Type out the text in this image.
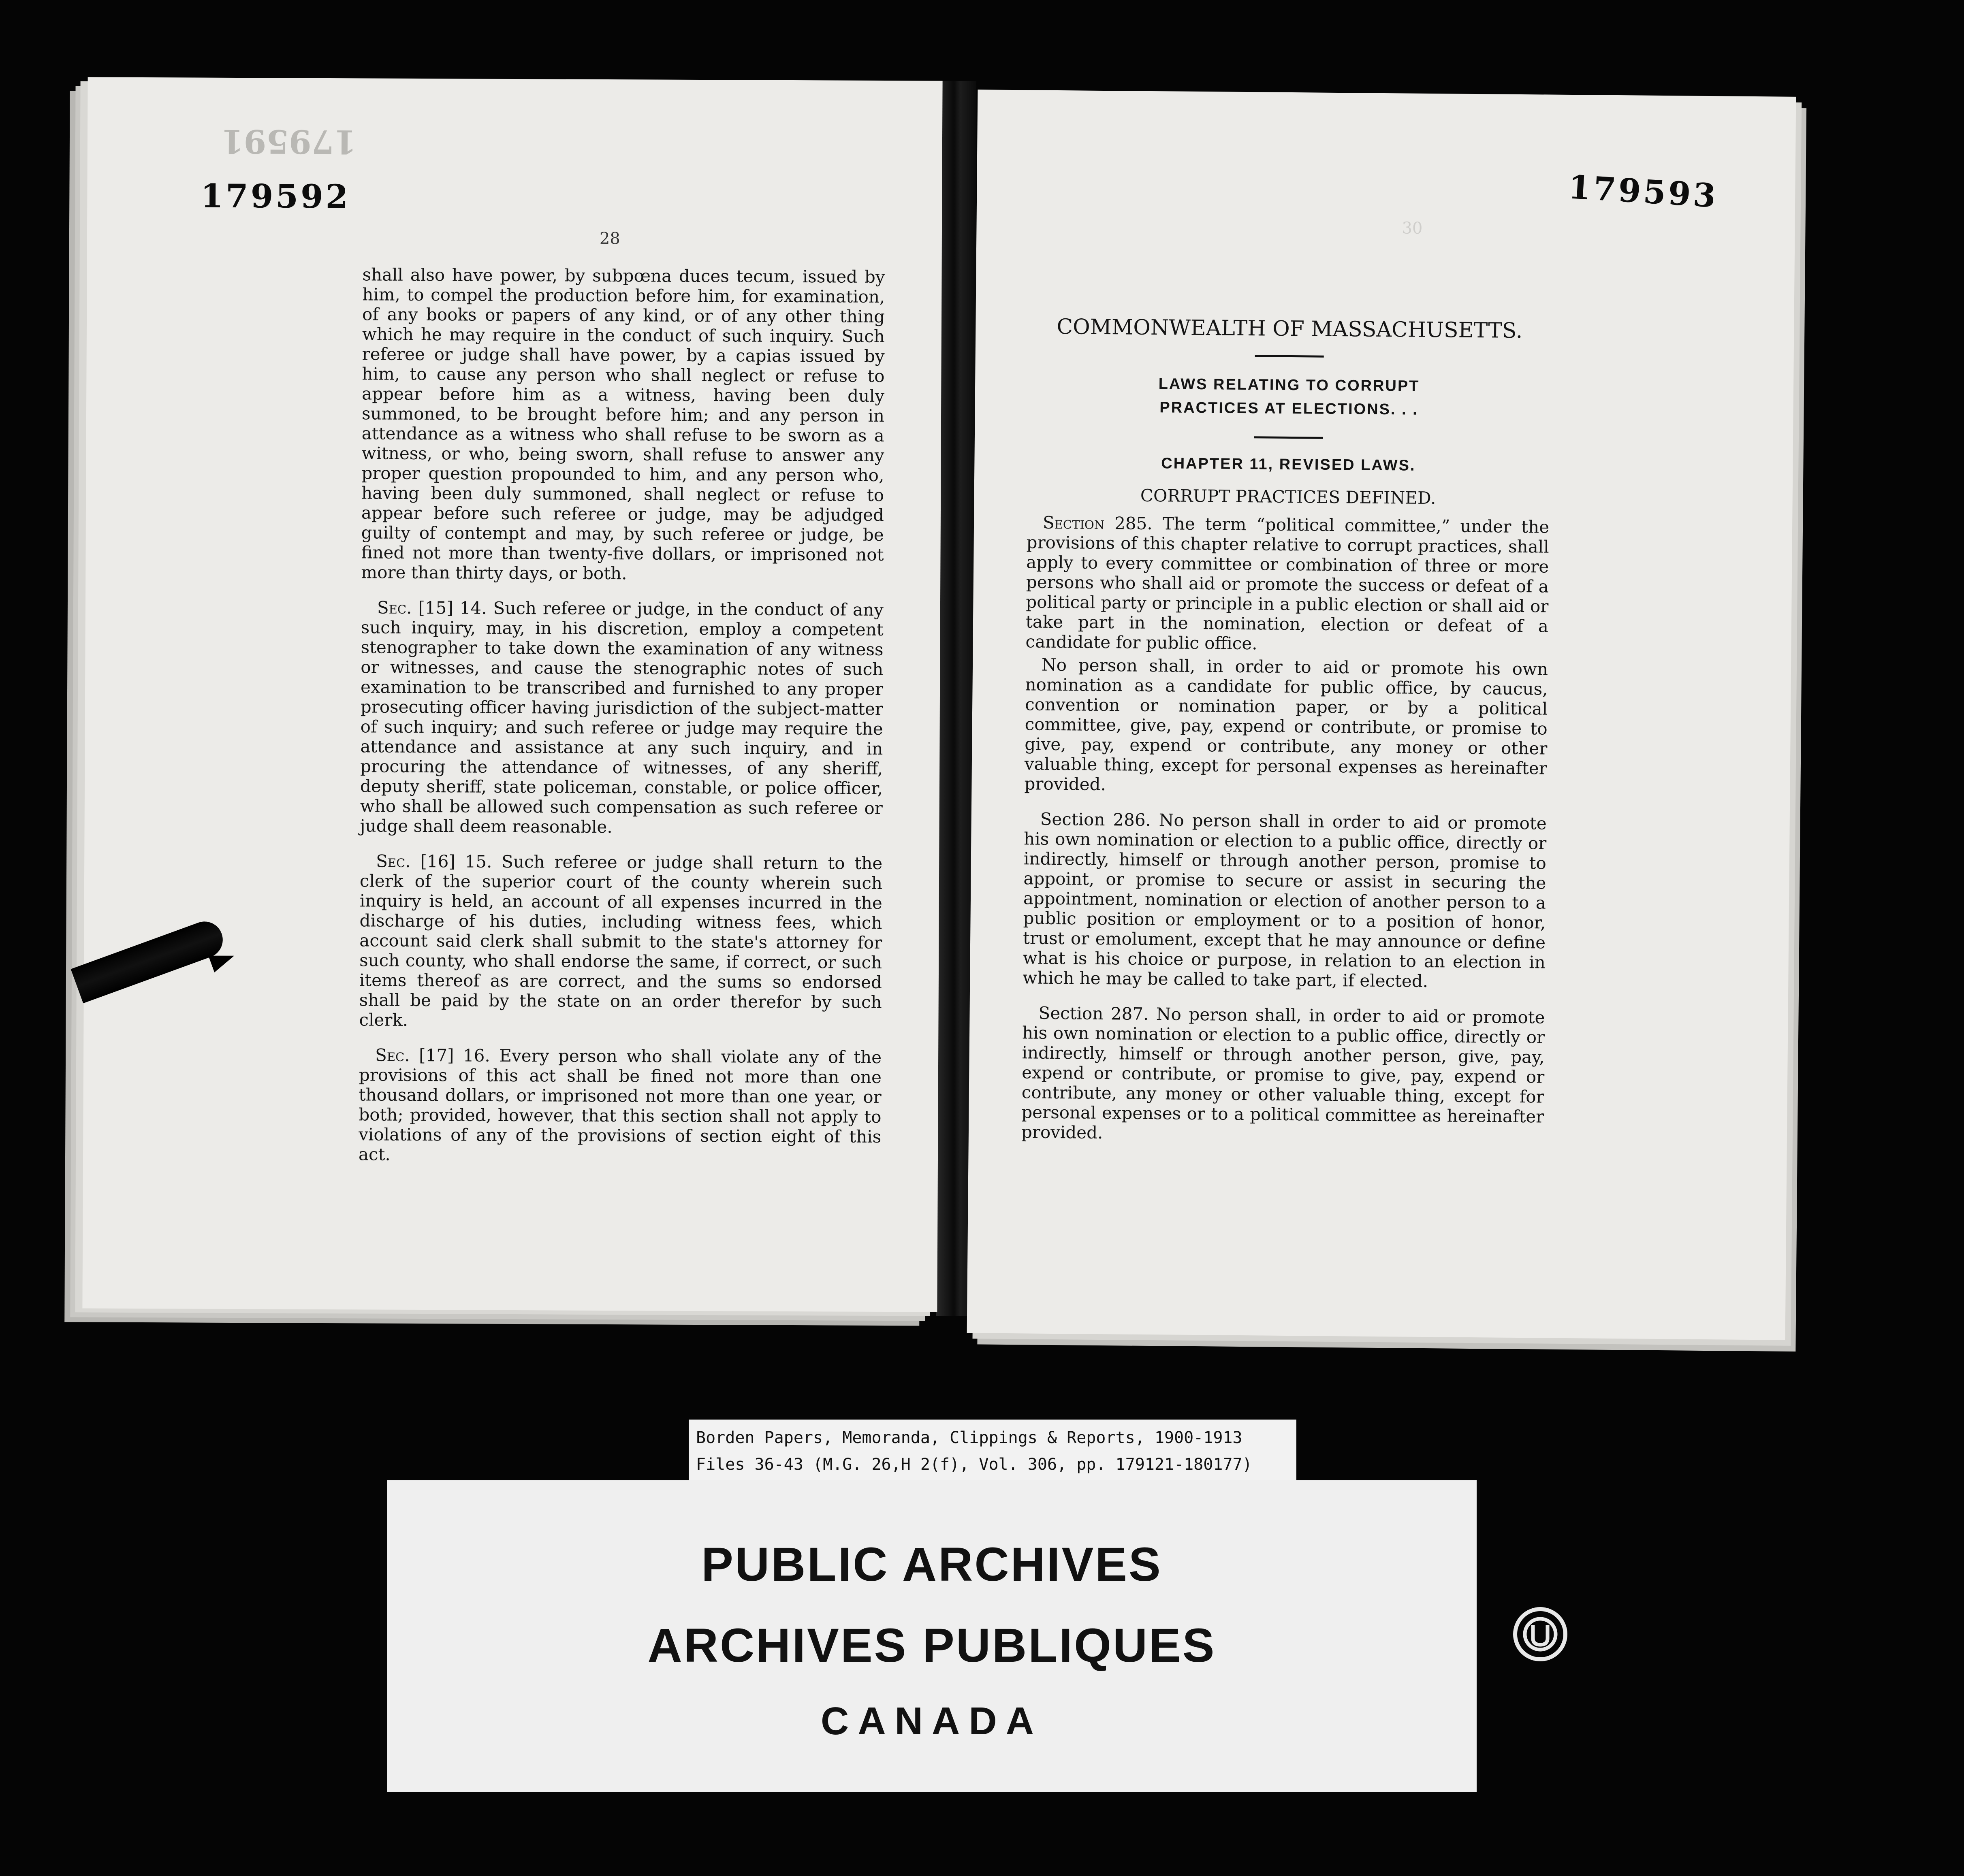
179591
179592
28

shall also have power, by subpœna duces tecum, issued by him, to compel the production before him, for examination, of any books or papers of any kind, or of any other thing which he may require in the conduct of such inquiry. Such referee or judge shall have power, by a capias issued by him, to cause any person who shall neglect or refuse to appear before him as a witness, having been duly summoned, to be brought before him; and any person in attendance as a witness who shall refuse to be sworn as a witness, or who, being sworn, shall refuse to answer any proper question propounded to him, and any person who, having been duly summoned, shall neglect or refuse to appear before such referee or judge, may be adjudged guilty of contempt and may, by such referee or judge, be fined not more than twenty-five dollars, or imprisoned not more than thirty days, or both.

Sec. [15] 14. Such referee or judge, in the conduct of any such inquiry, may, in his discretion, employ a competent stenographer to take down the examination of any witness or witnesses, and cause the stenographic notes of such examination to be transcribed and furnished to any proper prosecuting officer having jurisdiction of the subject-matter of such inquiry; and such referee or judge may require the attendance and assistance at any such inquiry, and in procuring the attendance of witnesses, of any sheriff, deputy sheriff, state policeman, constable, or police officer, who shall be allowed such compensation as such referee or judge shall deem reasonable.

Sec. [16] 15. Such referee or judge shall return to the clerk of the superior court of the county wherein such inquiry is held, an account of all expenses incurred in the discharge of his duties, including witness fees, which account said clerk shall submit to the state's attorney for such county, who shall endorse the same, if correct, or such items thereof as are correct, and the sums so endorsed shall be paid by the state on an order therefor by such clerk.

Sec. [17] 16. Every person who shall violate any of the provisions of this act shall be fined not more than one thousand dollars, or imprisoned not more than one year, or both; provided, however, that this section shall not apply to violations of any of the provisions of section eight of this act.

179593
30

COMMONWEALTH OF MASSACHUSETTS.

LAWS RELATING TO CORRUPT

PRACTICES AT ELECTIONS. . .

CHAPTER 11, REVISED LAWS.

CORRUPT PRACTICES DEFINED.

Section 285. The term “political committee,” under the provisions of this chapter relative to corrupt practices, shall apply to every committee or combination of three or more persons who shall aid or promote the success or defeat of a political party or principle in a public election or shall aid or take part in the nomination, election or defeat of a candidate for public office.

No person shall, in order to aid or promote his own nomination as a candidate for public office, by caucus, convention or nomination paper, or by a political committee, give, pay, expend or contribute, or promise to give, pay, expend or contribute, any money or other valuable thing, except for personal expenses as hereinafter provided.

Section 286. No person shall in order to aid or promote his own nomination or election to a public office, directly or indirectly, himself or through another person, promise to appoint, or promise to secure or assist in securing the appointment, nomination or election of another person to a public position or employment or to a position of honor, trust or emolument, except that he may announce or define what is his choice or purpose, in relation to an election in which he may be called to take part, if elected.

Section 287. No person shall, in order to aid or promote his own nomination or election to a public office, directly or indirectly, himself or through another person, give, pay, expend or contribute, or promise to give, pay, expend or contribute, any money or other valuable thing, except for personal expenses or to a political committee as hereinafter provided.

Borden Papers, Memoranda, Clippings & Reports, 1900-1913
Files 36-43 (M.G. 26,H 2(f), Vol. 306, pp. 179121-180177)
PUBLIC ARCHIVES
ARCHIVES PUBLIQUES
CANADA
